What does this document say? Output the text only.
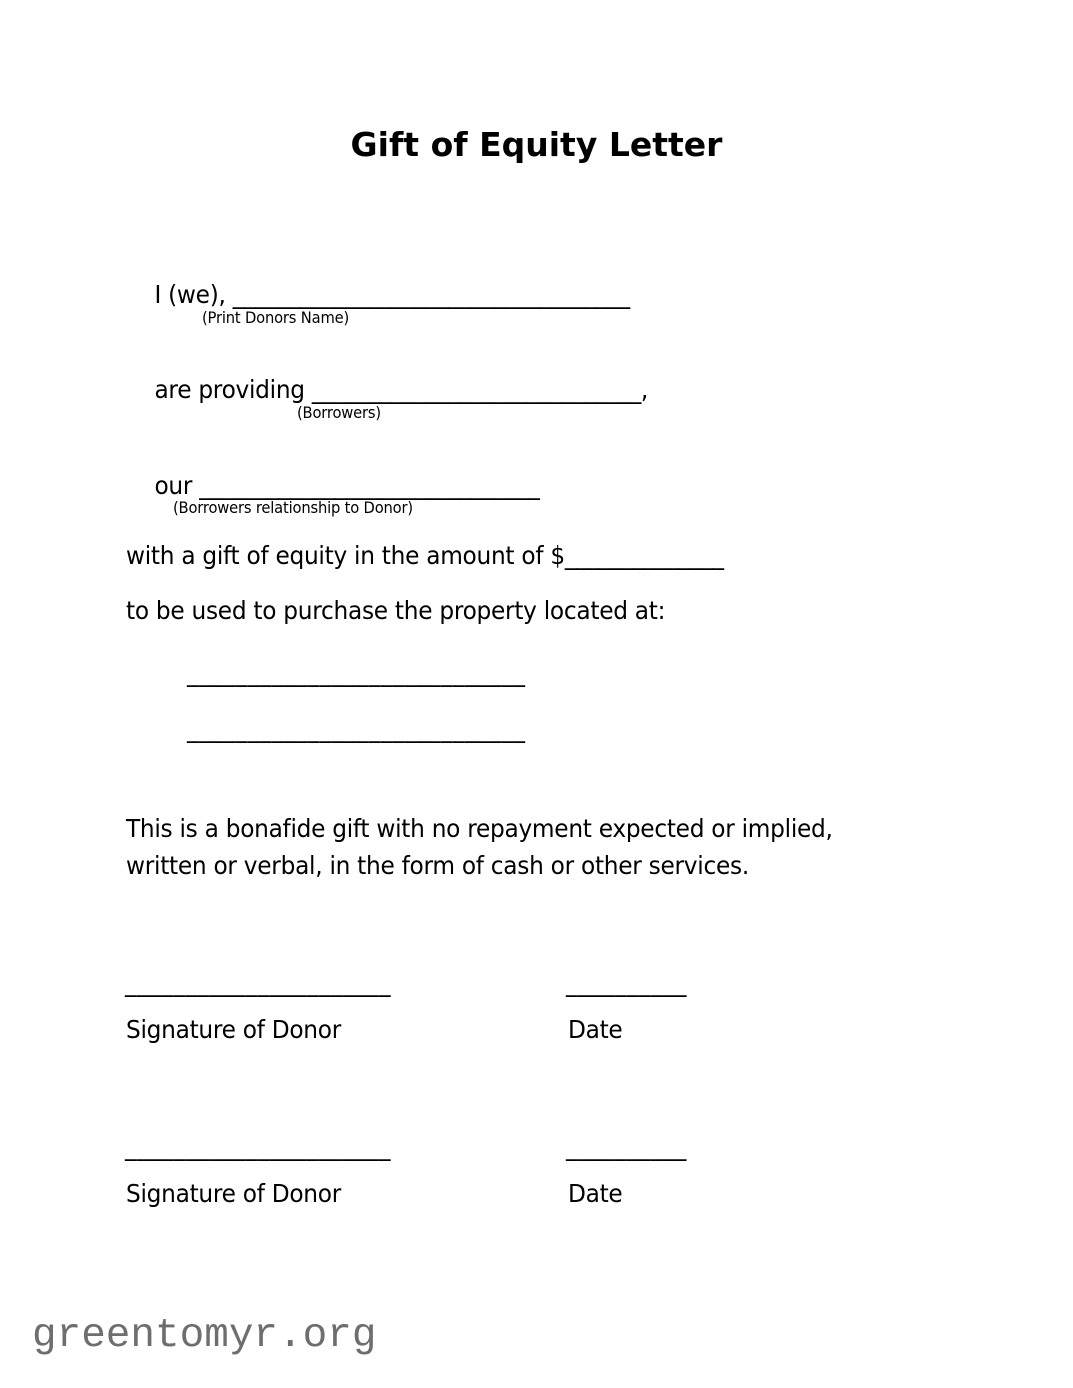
Gift of Equity Letter

I (we), ___________________________________

(Print Donors Name)

are providing _____________________________,

(Borrowers)

our ______________________________

(Borrowers relationship to Donor)
with a gift of equity in the amount of $______________
to be used to purchase the property located at:
____________________________
____________________________
This is a bonafide gift with no repayment expected or implied,
written or verbal, in the form of cash or other services.
______________________	__________
Signature of Donor	Date
______________________	__________
Signature of Donor	Date
greentomyr.org
